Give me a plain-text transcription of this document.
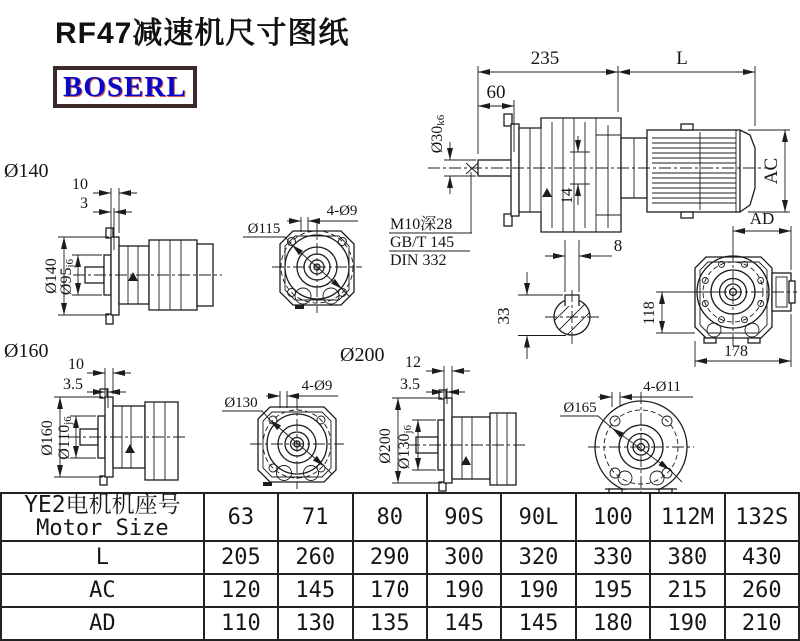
RF47减速机尺寸图纸
BOSERL
235	L
60
Ø30k6
14
AC
M10深28
GB/T 145
DIN 332
8
33
AD
118
178
Ø140
10
3
Ø140
Ø95j6
4-Ø9
Ø115
Ø160
10
3.5
Ø160 Ø110j6
4-Ø9
Ø130
Ø200 12
3.5
Ø200 Ø130j6
4-Ø11
Ø165
YE2电机机座号
Motor Size	63	71	80	90S	90L	100	112M	132S
L	205	260	290	300	320	330	380	430
AC	120	145	170	190	190	195	215	260
AD	110	130	135	145	145	180	190	210
